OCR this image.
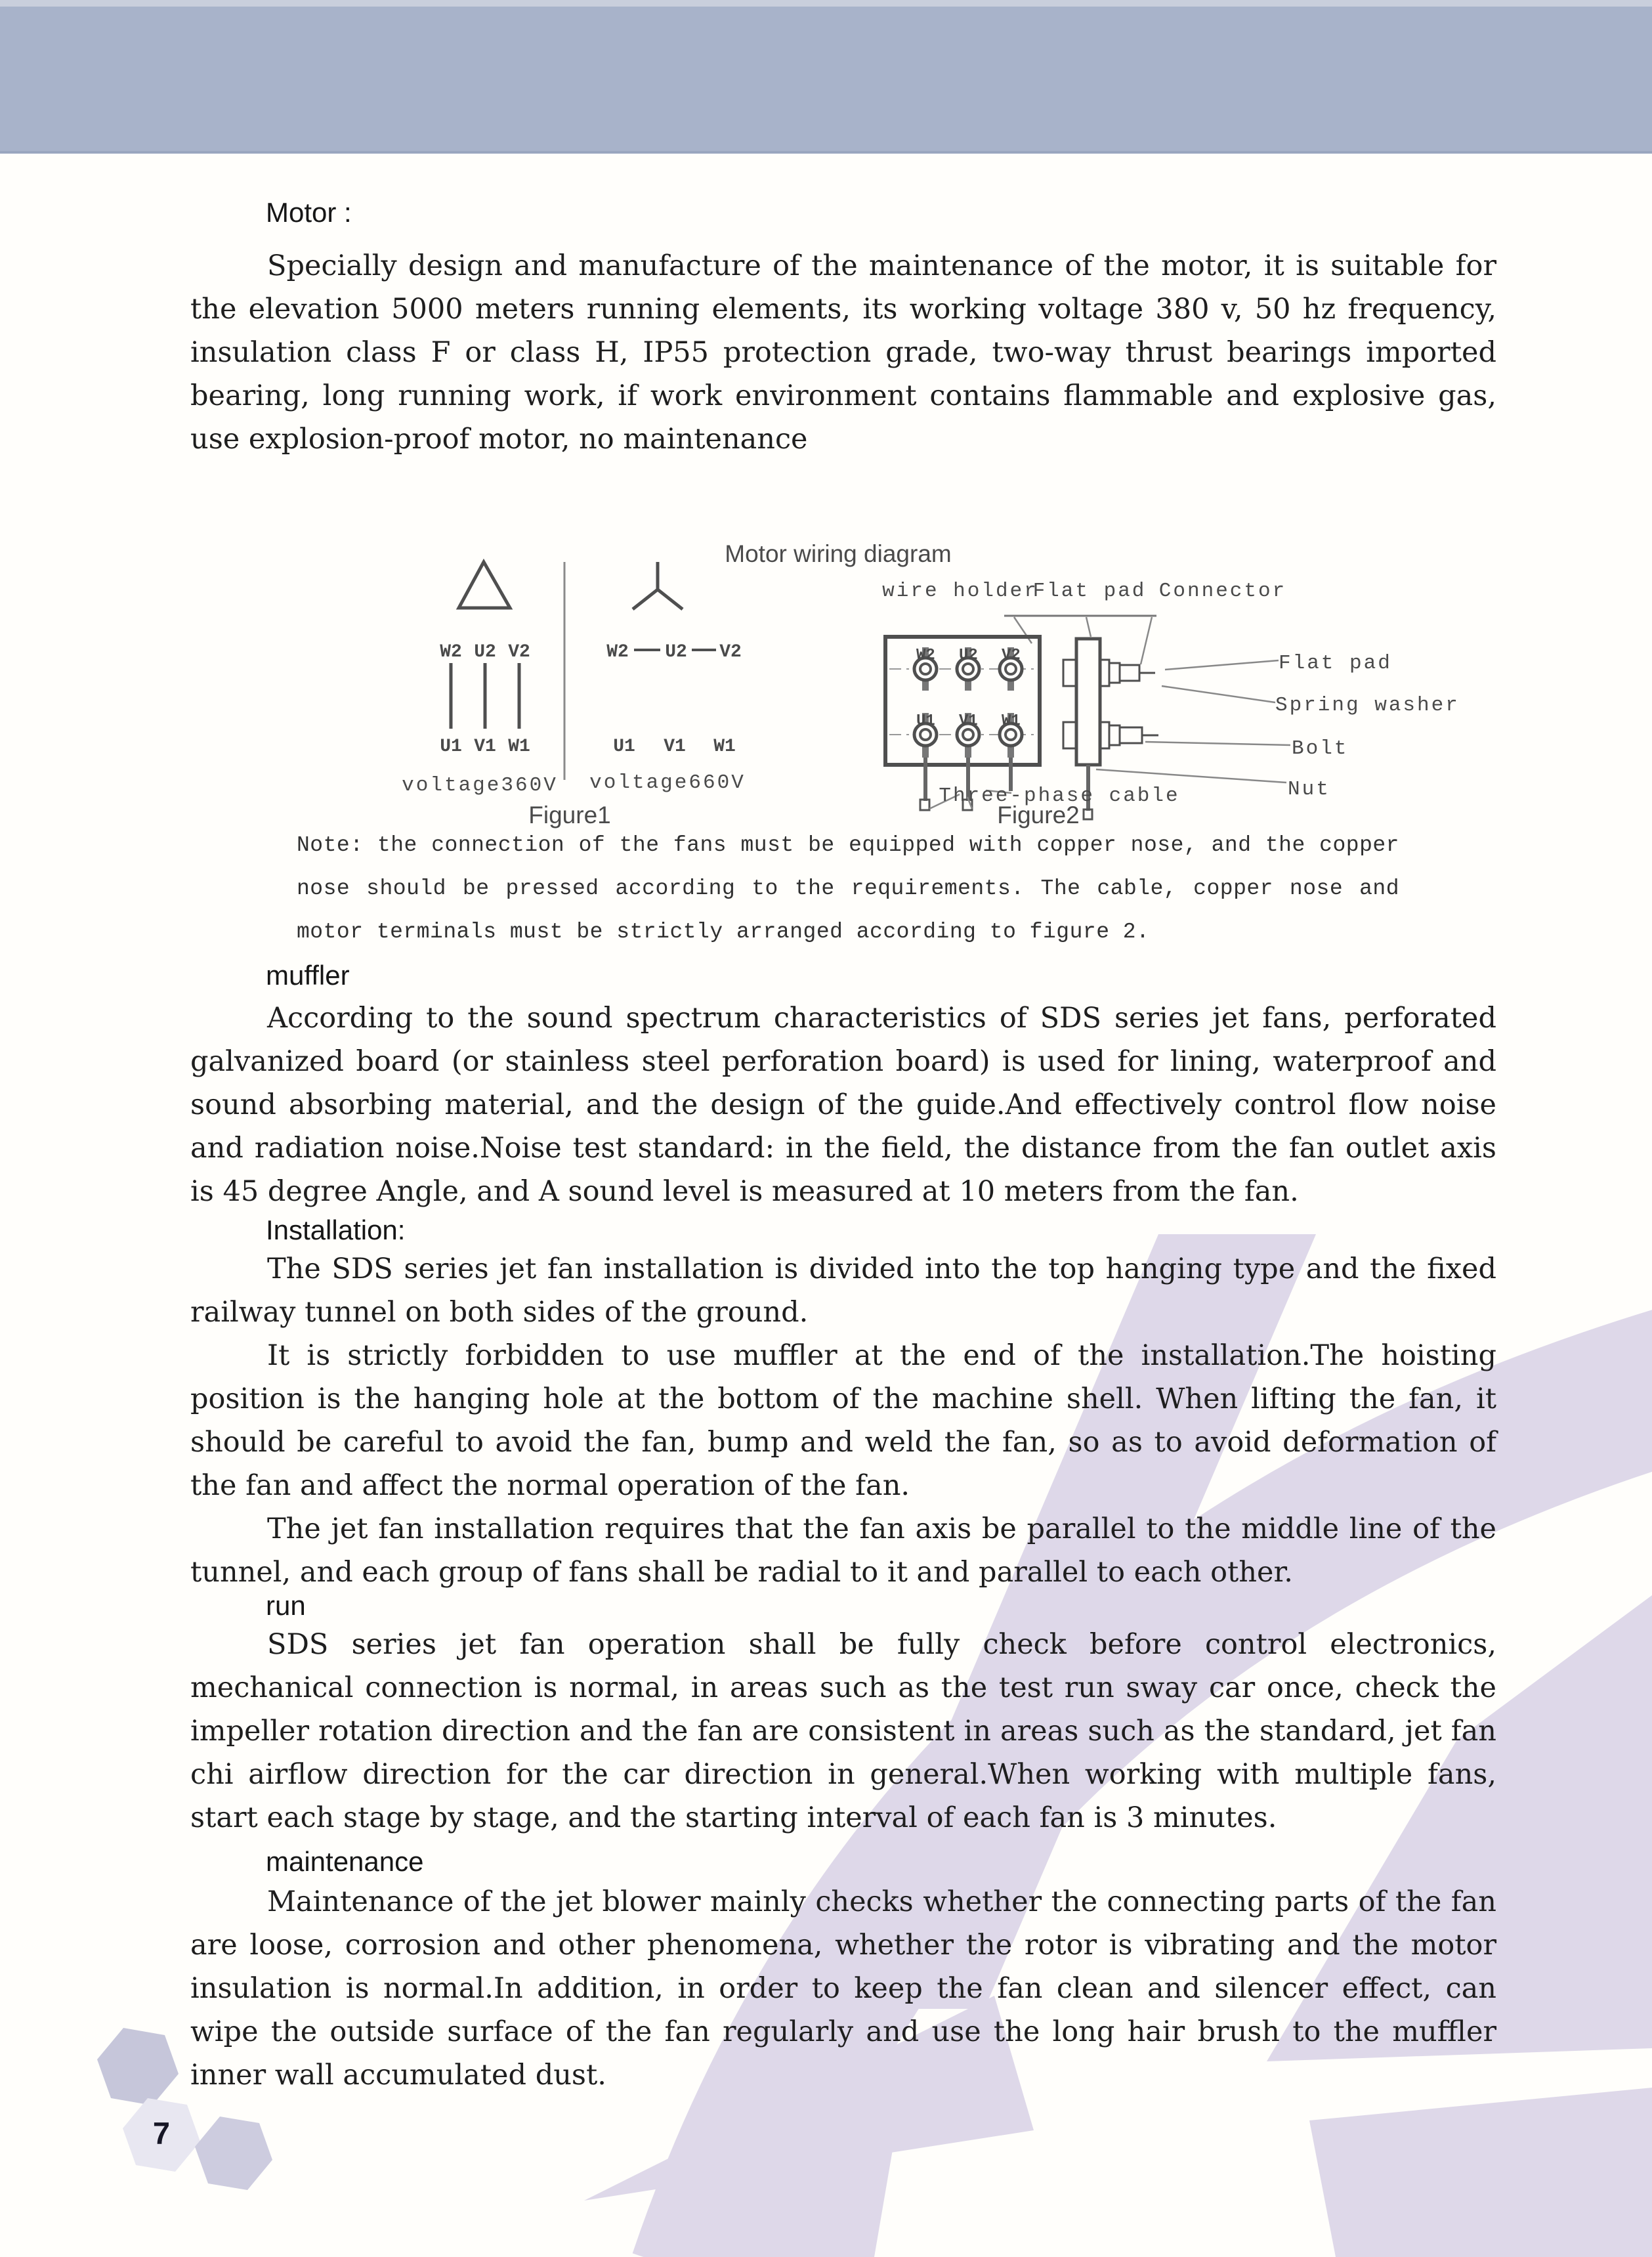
Motor :

Specially design and manufacture of the maintenance of the motor, it is suitable for the elevation 5000 meters running elements, its working voltage 380 v, 50 hz frequency, insulation class F or class H, IP55 protection grade, two-way thrust bearings imported bearing, long running work, if work environment contains flammable and explosive gas, use explosion-proof motor, no maintenance

Motor wiring diagram
W2 U2 V2
U1 V1 W1
W2 U2 V2
U1 V1 W1
voltage360V voltage660V
Figure1
wire holder
Flat pad Connector
W2 U2 V2
U1 V1 W1
Flat pad
Spring washer
Bolt
Nut
Three-phase cable
Figure2

Note: the connection of the fans must be equipped with copper nose, and the copper nose should be pressed according to the requirements. The cable, copper nose and motor terminals must be strictly arranged according to figure 2.

muffler

According to the sound spectrum characteristics of SDS series jet fans, perforated galvanized board (or stainless steel perforation board) is used for lining, waterproof and sound absorbing material, and the design of the guide.And effectively control flow noise and radiation noise.Noise test standard: in the field, the distance from the fan outlet axis is 45 degree Angle, and A sound level is measured at 10 meters from the fan.

Installation:

The SDS series jet fan installation is divided into the top hanging type and the fixed railway tunnel on both sides of the ground.

It is strictly forbidden to use muffler at the end of the installation.The hoisting position is the hanging hole at the bottom of the machine shell. When lifting the fan, it should be careful to avoid the fan, bump and weld the fan, so as to avoid deformation of the fan and affect the normal operation of the fan.

The jet fan installation requires that the fan axis be parallel to the middle line of the tunnel, and each group of fans shall be radial to it and parallel to each other.

run

SDS series jet fan operation shall be fully check before control electronics, mechanical connection is normal, in areas such as the test run sway car once, check the impeller rotation direction and the fan are consistent in areas such as the standard, jet fan chi airflow direction for the car direction in general.When working with multiple fans, start each stage by stage, and the starting interval of each fan is 3 minutes.

maintenance

Maintenance of the jet blower mainly checks whether the connecting parts of the fan are loose, corrosion and other phenomena, whether the rotor is vibrating and the motor insulation is normal.In addition, in order to keep the fan clean and silencer effect, can wipe the outside surface of the fan regularly and use the long hair brush to the muffler inner wall accumulated dust.

7
